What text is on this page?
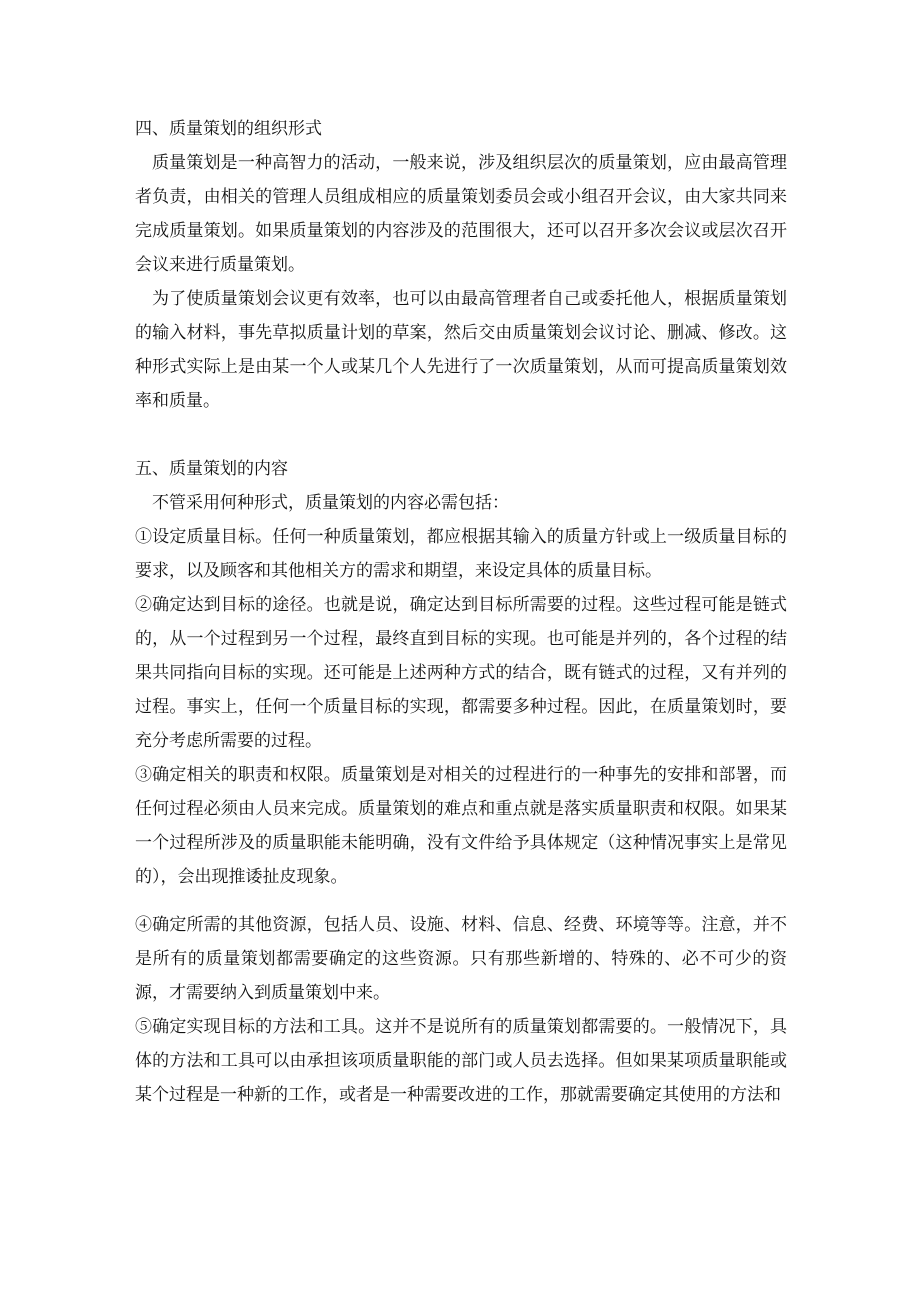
四、质量策划的组织形式

质量策划是一种高智力的活动，一般来说，涉及组织层次的质量策划，应由最高管理者负责，由相关的管理人员组成相应的质量策划委员会或小组召开会议，由大家共同来完成质量策划。如果质量策划的内容涉及的范围很大，还可以召开多次会议或层次召开会议来进行质量策划。

为了使质量策划会议更有效率，也可以由最高管理者自己或委托他人，根据质量策划的输入材料，事先草拟质量计划的草案，然后交由质量策划会议讨论、删减、修改。这种形式实际上是由某一个人或某几个人先进行了一次质量策划，从而可提高质量策划效率和质量。

五、质量策划的内容

不管采用何种形式，质量策划的内容必需包括：

①设定质量目标。任何一种质量策划，都应根据其输入的质量方针或上一级质量目标的要求，以及顾客和其他相关方的需求和期望，来设定具体的质量目标。

②确定达到目标的途径。也就是说，确定达到目标所需要的过程。这些过程可能是链式的，从一个过程到另一个过程，最终直到目标的实现。也可能是并列的，各个过程的结果共同指向目标的实现。还可能是上述两种方式的结合，既有链式的过程，又有并列的过程。事实上，任何一个质量目标的实现，都需要多种过程。因此，在质量策划时，要充分考虑所需要的过程。

③确定相关的职责和权限。质量策划是对相关的过程进行的一种事先的安排和部署，而任何过程必须由人员来完成。质量策划的难点和重点就是落实质量职责和权限。如果某一个过程所涉及的质量职能未能明确，没有文件给予具体规定（这种情况事实上是常见的），会出现推诿扯皮现象。

④确定所需的其他资源，包括人员、设施、材料、信息、经费、环境等等。注意，并不是所有的质量策划都需要确定的这些资源。只有那些新增的、特殊的、必不可少的资源，才需要纳入到质量策划中来。

⑤确定实现目标的方法和工具。这并不是说所有的质量策划都需要的。一般情况下，具体的方法和工具可以由承担该项质量职能的部门或人员去选择。但如果某项质量职能或某个过程是一种新的工作，或者是一种需要改进的工作，那就需要确定其使用的方法和
